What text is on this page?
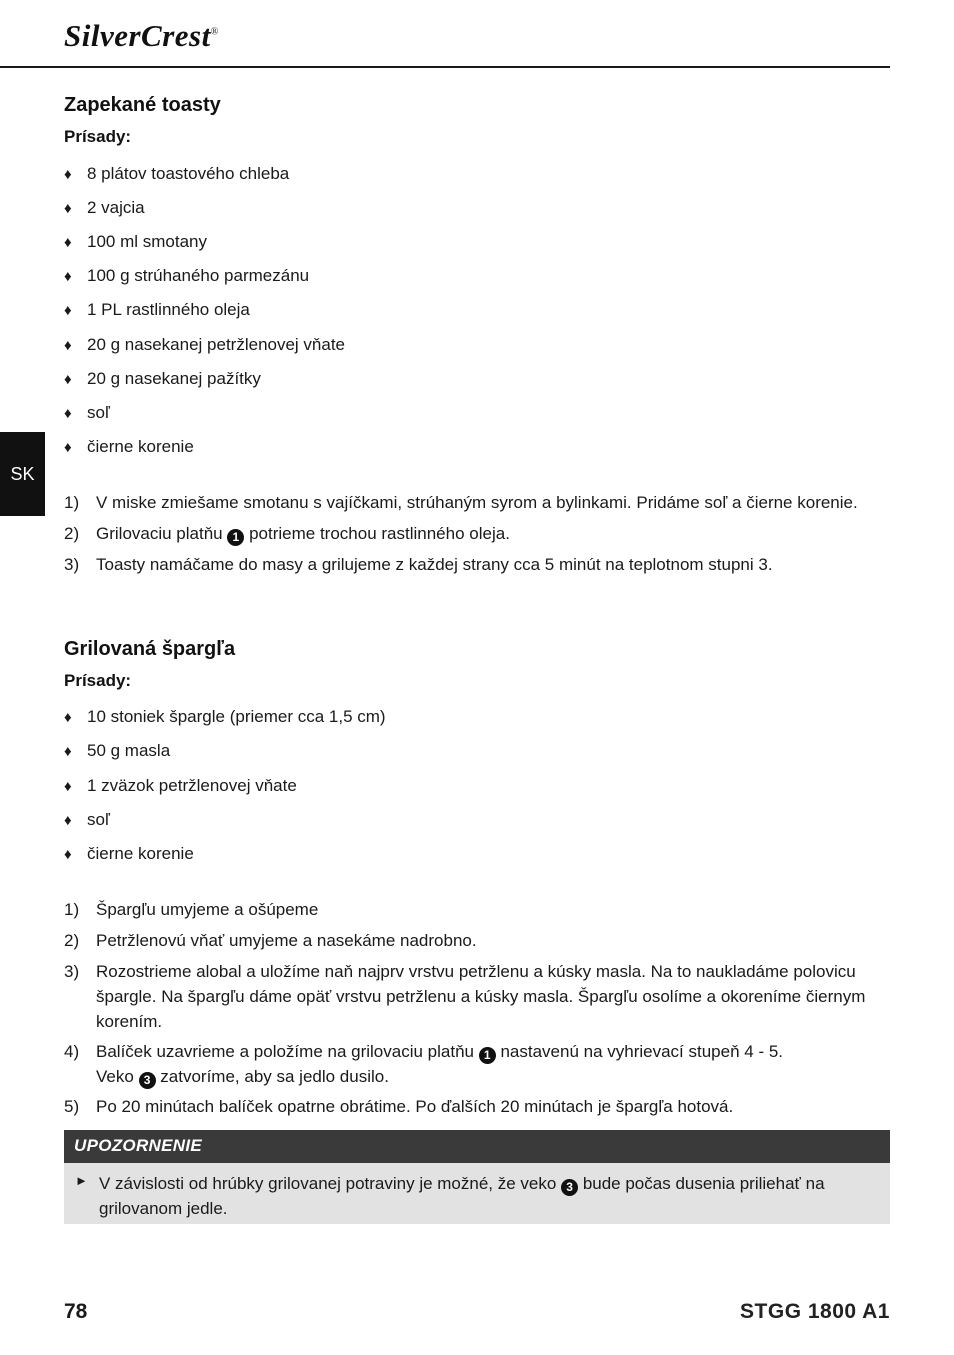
SilverCrest®
SK
Zapekané toasty
Prísady:
♦ 8 plátov toastového chleba
♦ 2 vajcia
♦ 100 ml smotany
♦ 100 g strúhaného parmezánu
♦ 1 PL rastlinného oleja
♦ 20 g nasekanej petržlenovej vňate
♦ 20 g nasekanej pažítky
♦ soľ
♦ čierne korenie
1) V miske zmiešame smotanu s vajíčkami, strúhaným syrom a bylinkami. Pridáme soľ a čierne korenie.
2) Grilovaciu platňu 1 potrieme trochou rastlinného oleja.
3) Toasty namáčame do masy a grilujeme z každej strany cca 5 minút na teplotnom stupni 3.
Grilovaná špargľa
Prísady:
♦ 10 stoniek špargle (priemer cca 1,5 cm)
♦ 50 g masla
♦ 1 zväzok petržlenovej vňate
♦ soľ
♦ čierne korenie
1) Špargľu umyjeme a ošúpeme
2) Petržlenovú vňať umyjeme a nasekáme nadrobno.
3) Rozostrieme alobal a uložíme naň najprv vrstvu petržlenu a kúsky masla. Na to naukladáme polovicu špargle. Na špargľu dáme opäť vrstvu petržlenu a kúsky masla. Špargľu osolíme a okoreníme čiernym korením.
4) Balíček uzavrieme a položíme na grilovaciu platňu 1 nastavenú na vyhrievací stupeň 4 - 5.
Veko 3 zatvoríme, aby sa jedlo dusilo.
5) Po 20 minútach balíček opatrne obrátime. Po ďalších 20 minútach je špargľa hotová.
UPOZORNENIE
► V závislosti od hrúbky grilovanej potraviny je možné, že veko 3 bude počas dusenia priliehať na grilovanom jedle.
78	STGG 1800 A1
